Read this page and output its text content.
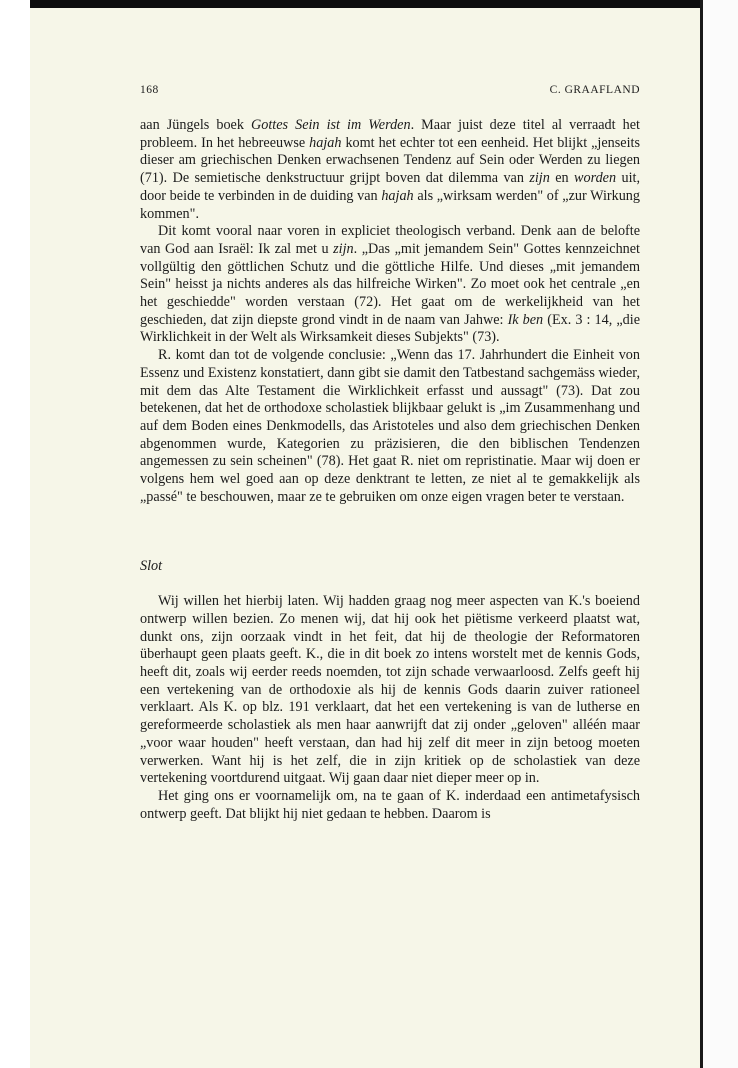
168	C. GRAAFLAND

aan Jüngels boek Gottes Sein ist im Werden. Maar juist deze titel al verraadt het probleem. In het hebreeuwse hajah komt het echter tot een eenheid. Het blijkt „jenseits dieser am griechischen Denken erwachsenen Tendenz auf Sein oder Werden zu liegen (71). De semietische denkstructuur grijpt boven dat dilemma van zijn en worden uit, door beide te verbinden in de duiding van hajah als „wirksam werden" of „zur Wirkung kommen".

Dit komt vooral naar voren in expliciet theologisch verband. Denk aan de belofte van God aan Israël: Ik zal met u zijn. „Das „mit jemandem Sein" Gottes kennzeichnet vollgültig den göttlichen Schutz und die göttliche Hilfe. Und dieses „mit jemandem Sein" heisst ja nichts anderes als das hilfreiche Wirken". Zo moet ook het centrale „en het geschiedde" worden verstaan (72). Het gaat om de werkelijkheid van het geschieden, dat zijn diepste grond vindt in de naam van Jahwe: Ik ben (Ex. 3 : 14, „die Wirklichkeit in der Welt als Wirksamkeit dieses Subjekts" (73).

R. komt dan tot de volgende conclusie: „Wenn das 17. Jahrhundert die Einheit von Essenz und Existenz konstatiert, dann gibt sie damit den Tatbestand sachgemäss wieder, mit dem das Alte Testament die Wirklichkeit erfasst und aussagt" (73). Dat zou betekenen, dat het de orthodoxe scholastiek blijkbaar gelukt is „im Zusammenhang und auf dem Boden eines Denkmodells, das Aristoteles und also dem griechischen Denken abgenommen wurde, Kategorien zu präzisieren, die den biblischen Tendenzen angemessen zu sein scheinen" (78). Het gaat R. niet om repristinatie. Maar wij doen er volgens hem wel goed aan op deze denktrant te letten, ze niet al te gemakkelijk als „passé" te beschouwen, maar ze te gebruiken om onze eigen vragen beter te verstaan.

Slot

Wij willen het hierbij laten. Wij hadden graag nog meer aspecten van K.'s boeiend ontwerp willen bezien. Zo menen wij, dat hij ook het piëtisme verkeerd plaatst wat, dunkt ons, zijn oorzaak vindt in het feit, dat hij de theologie der Reformatoren überhaupt geen plaats geeft. K., die in dit boek zo intens worstelt met de kennis Gods, heeft dit, zoals wij eerder reeds noemden, tot zijn schade verwaarloosd. Zelfs geeft hij een vertekening van de orthodoxie als hij de kennis Gods daarin zuiver rationeel verklaart. Als K. op blz. 191 verklaart, dat het een vertekening is van de lutherse en gereformeerde scholastiek als men haar aanwrijft dat zij onder „geloven" alléén maar „voor waar houden" heeft verstaan, dan had hij zelf dit meer in zijn betoog moeten verwerken. Want hij is het zelf, die in zijn kritiek op de scholastiek van deze vertekening voortdurend uitgaat. Wij gaan daar niet dieper meer op in.

Het ging ons er voornamelijk om, na te gaan of K. inderdaad een antimetafysisch ontwerp geeft. Dat blijkt hij niet gedaan te hebben. Daarom is
